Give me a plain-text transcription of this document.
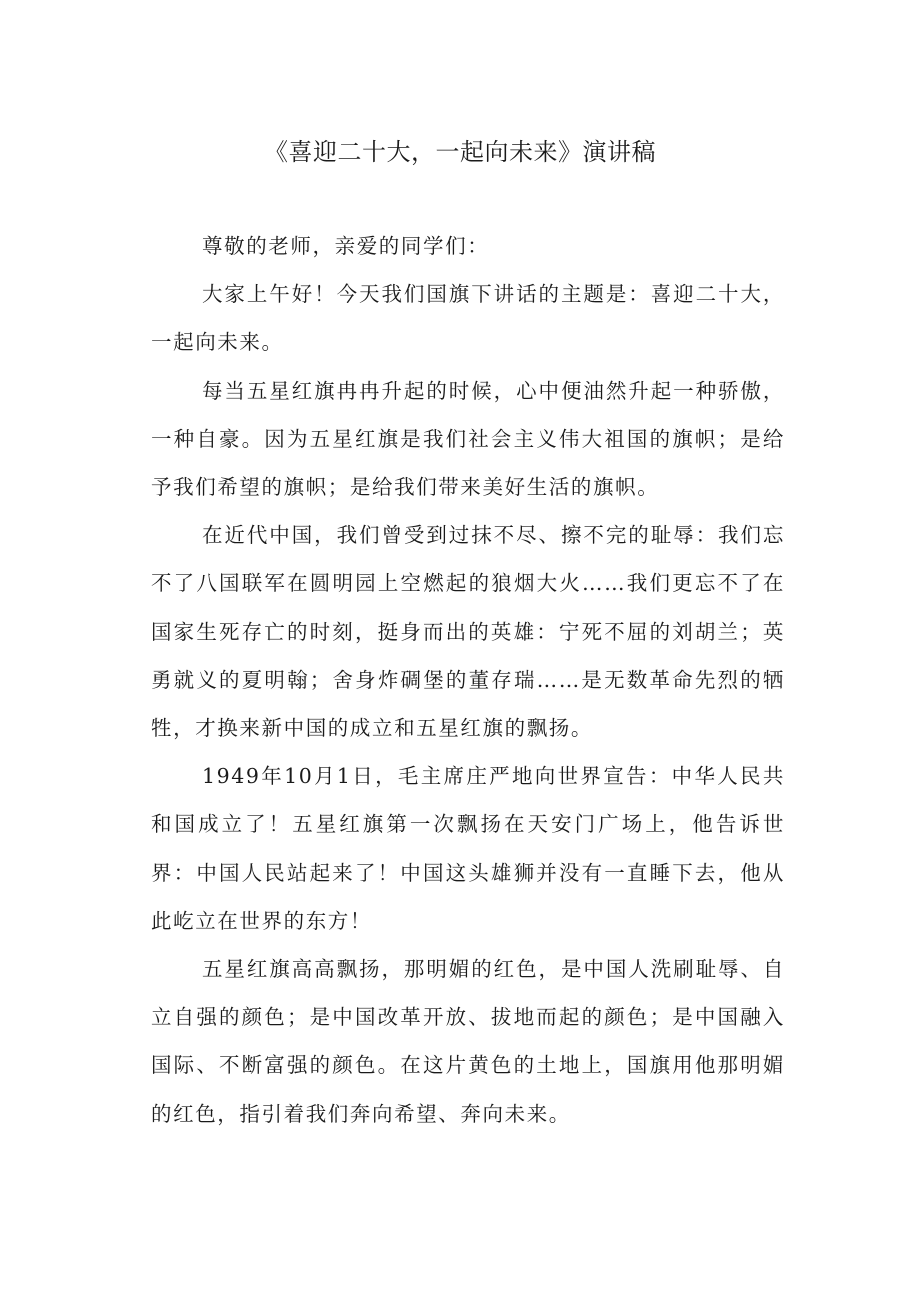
《喜迎二十大，一起向未来》演讲稿

尊敬的老师，亲爱的同学们：

大家上午好！今天我们国旗下讲话的主题是：喜迎二十大，一起向未来。

每当五星红旗冉冉升起的时候，心中便油然升起一种骄傲，一种自豪。因为五星红旗是我们社会主义伟大祖国的旗帜；是给予我们希望的旗帜；是给我们带来美好生活的旗帜。

在近代中国，我们曾受到过抹不尽、擦不完的耻辱：我们忘不了八国联军在圆明园上空燃起的狼烟大火……我们更忘不了在国家生死存亡的时刻，挺身而出的英雄：宁死不屈的刘胡兰；英勇就义的夏明翰；舍身炸碉堡的董存瑞……是无数革命先烈的牺牲，才换来新中国的成立和五星红旗的飘扬。

1949年10月1日，毛主席庄严地向世界宣告：中华人民共和国成立了！五星红旗第一次飘扬在天安门广场上，他告诉世界：中国人民站起来了！中国这头雄狮并没有一直睡下去，他从此屹立在世界的东方！

五星红旗高高飘扬，那明媚的红色，是中国人洗刷耻辱、自立自强的颜色；是中国改革开放、拔地而起的颜色；是中国融入国际、不断富强的颜色。在这片黄色的土地上，国旗用他那明媚的红色，指引着我们奔向希望、奔向未来。
